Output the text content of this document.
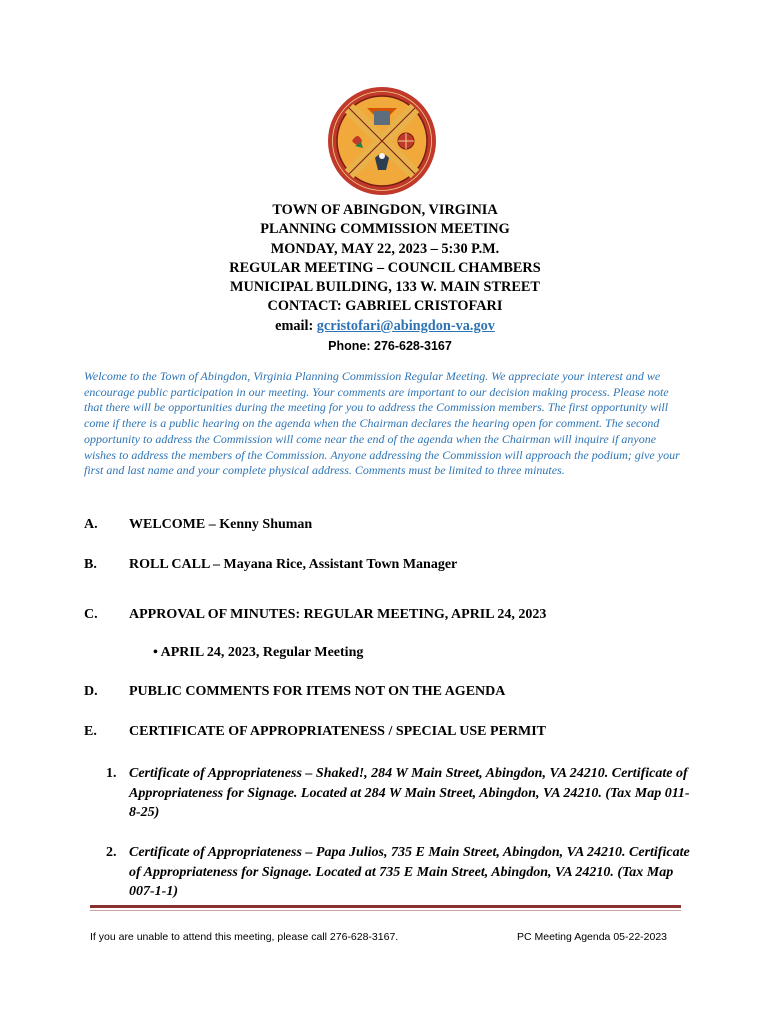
TOWN OF ABINGDON, VIRGINIA
PLANNING COMMISSION MEETING
MONDAY, MAY 22, 2023 – 5:30 P.M.
REGULAR MEETING – COUNCIL CHAMBERS
MUNICIPAL BUILDING, 133 W. MAIN STREET
CONTACT: GABRIEL CRISTOFARI
email: gcristofari@abingdon-va.gov
Phone: 276-628-3167
Welcome to the Town of Abingdon, Virginia Planning Commission Regular Meeting. We appreciate your interest and we encourage public participation in our meeting. Your comments are important to our decision making process. Please note that there will be opportunities during the meeting for you to address the Commission members. The first opportunity will come if there is a public hearing on the agenda when the Chairman declares the hearing open for comment. The second opportunity to address the Commission will come near the end of the agenda when the Chairman will inquire if anyone wishes to address the members of the Commission. Anyone addressing the Commission will approach the podium; give your first and last name and your complete physical address. Comments must be limited to three minutes.
A. WELCOME – Kenny Shuman
B. ROLL CALL – Mayana Rice, Assistant Town Manager
C. APPROVAL OF MINUTES: REGULAR MEETING, APRIL 24, 2023
• APRIL 24, 2023, Regular Meeting
D. PUBLIC COMMENTS FOR ITEMS NOT ON THE AGENDA
E. CERTIFICATE OF APPROPRIATENESS / SPECIAL USE PERMIT
1. Certificate of Appropriateness – Shaked!, 284 W Main Street, Abingdon, VA 24210. Certificate of Appropriateness for Signage. Located at 284 W Main Street, Abingdon, VA 24210. (Tax Map 011-8-25)
2. Certificate of Appropriateness – Papa Julios, 735 E Main Street, Abingdon, VA 24210. Certificate of Appropriateness for Signage. Located at 735 E Main Street, Abingdon, VA 24210. (Tax Map 007-1-1)
If you are unable to attend this meeting, please call 276-628-3167.	PC Meeting Agenda 05-22-2023
